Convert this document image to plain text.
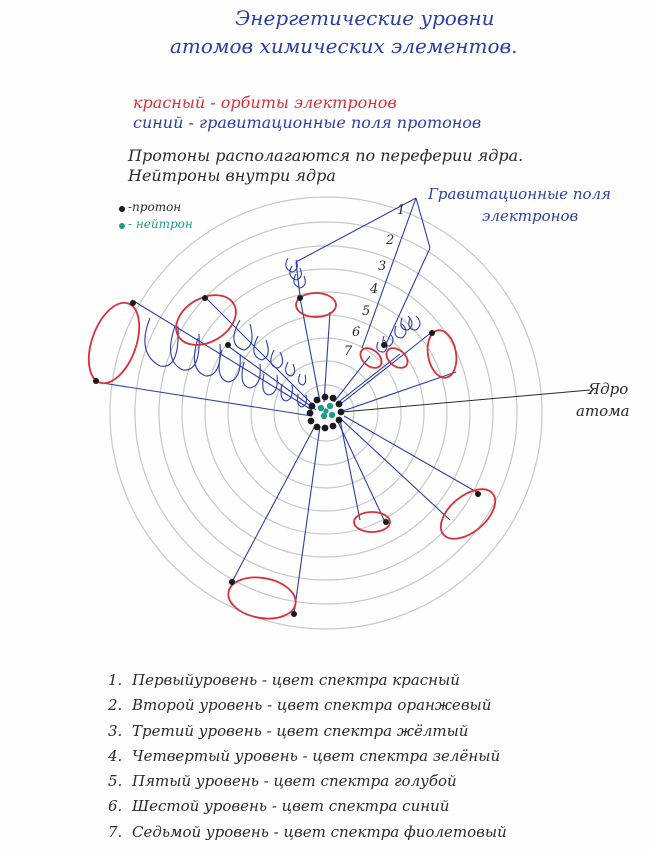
Энергетические уровни
атомов химических элементов.
красный - орбиты электронов
синий - гравитационные поля протонов
Протоны располагаются по переферии ядра.
Нейтроны внутри ядра
-протон
- нейтрон
Гравитационные поля
электронов
Ядро
атома
1
2
3
4
5
6
7
1. Первыйуровень - цвет спектра красный
2. Второй уровень - цвет спектра оранжевый
3. Третий уровень - цвет спектра жёлтый
4. Четвертый уровень - цвет спектра зелёный
5. Пятый уровень - цвет спектра голубой
6. Шестой уровень - цвет спектра синий
7. Седьмой уровень - цвет спектра фиолетовый
